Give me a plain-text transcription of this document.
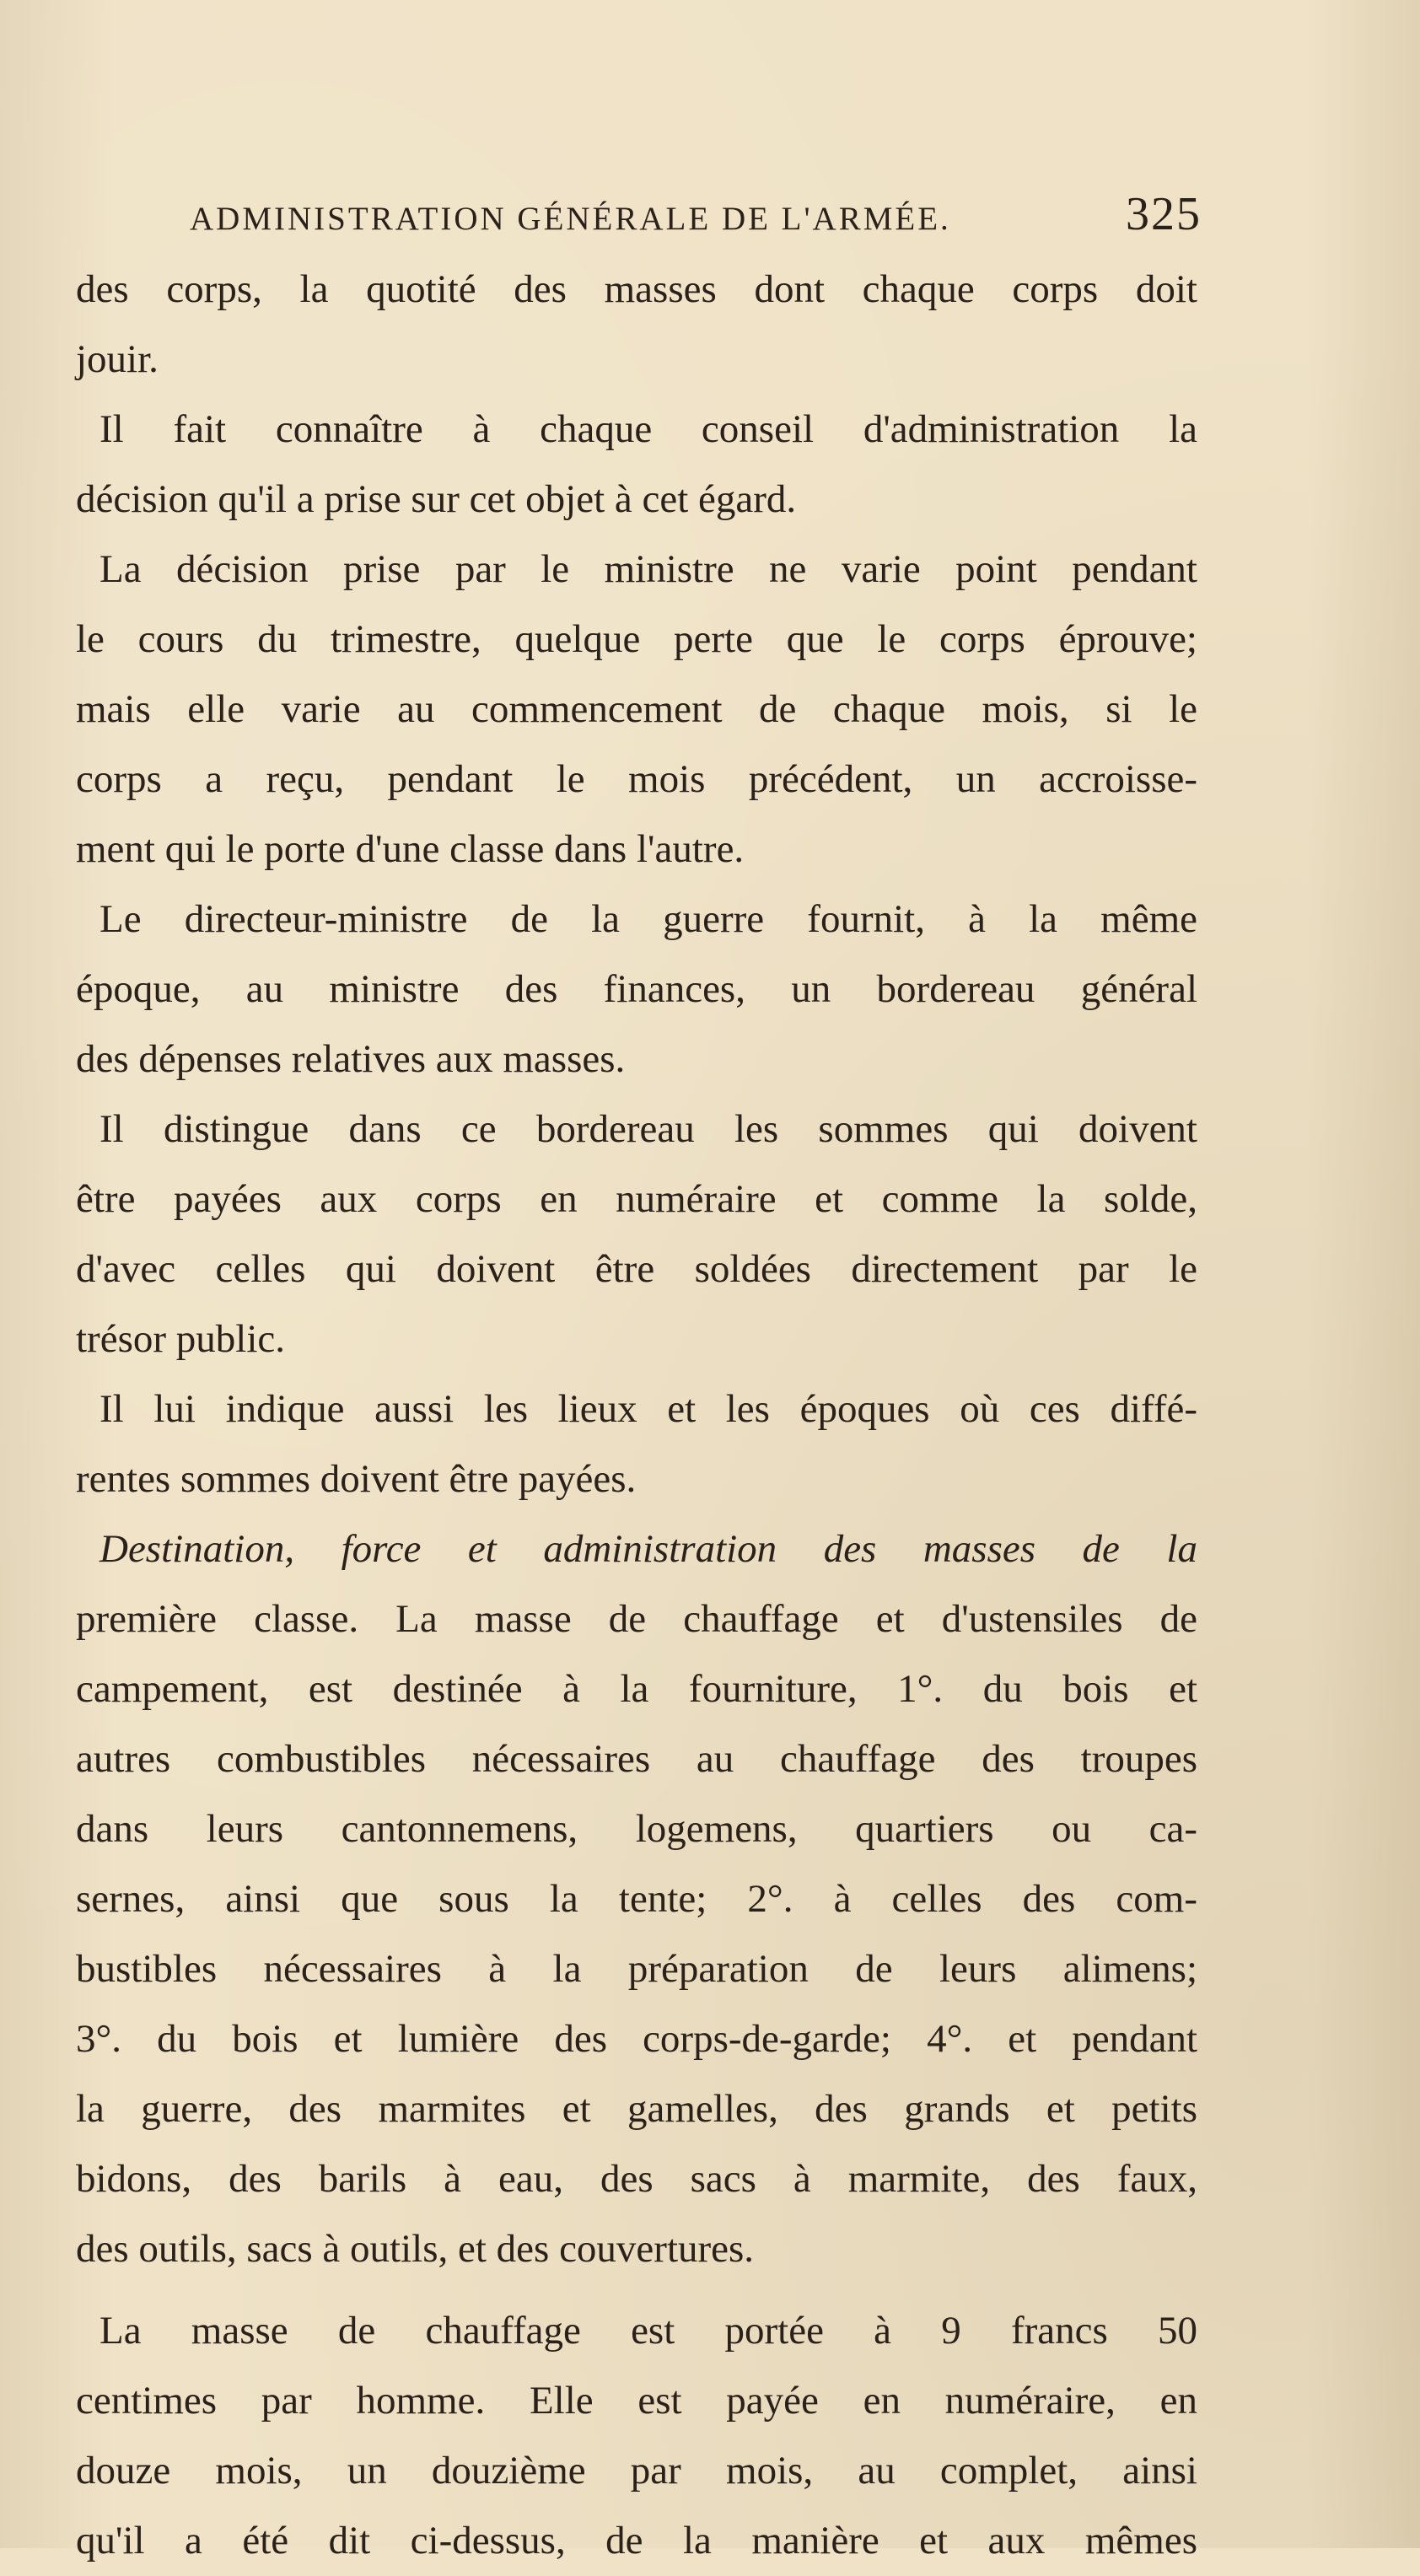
ADMINISTRATION GÉNÉRALE DE L'ARMÉE.	325
des corps, la quotité des masses dont chaque corps doit
jouir.
Il fait connaître à chaque conseil d'administration la
décision qu'il a prise sur cet objet à cet égard.
La décision prise par le ministre ne varie point pendant
le cours du trimestre, quelque perte que le corps éprouve;
mais elle varie au commencement de chaque mois, si le
corps a reçu, pendant le mois précédent, un accroisse-
ment qui le porte d'une classe dans l'autre.
Le directeur-ministre de la guerre fournit, à la même
époque, au ministre des finances, un bordereau général
des dépenses relatives aux masses.
Il distingue dans ce bordereau les sommes qui doivent
être payées aux corps en numéraire et comme la solde,
d'avec celles qui doivent être soldées directement par le
trésor public.
Il lui indique aussi les lieux et les époques où ces diffé-
rentes sommes doivent être payées.
Destination, force et administration des masses de la
première classe. La masse de chauffage et d'ustensiles de
campement, est destinée à la fourniture, 1°. du bois et
autres combustibles nécessaires au chauffage des troupes
dans leurs cantonnemens, logemens, quartiers ou ca-
sernes, ainsi que sous la tente; 2°. à celles des com-
bustibles nécessaires à la préparation de leurs alimens;
3°. du bois et lumière des corps-de-garde; 4°. et pendant
la guerre, des marmites et gamelles, des grands et petits
bidons, des barils à eau, des sacs à marmite, des faux,
des outils, sacs à outils, et des couvertures.
La masse de chauffage est portée à 9 francs 50
centimes par homme. Elle est payée en numéraire, en
douze mois, un douzième par mois, au complet, ainsi
qu'il a été dit ci-dessus, de la manière et aux mêmes
